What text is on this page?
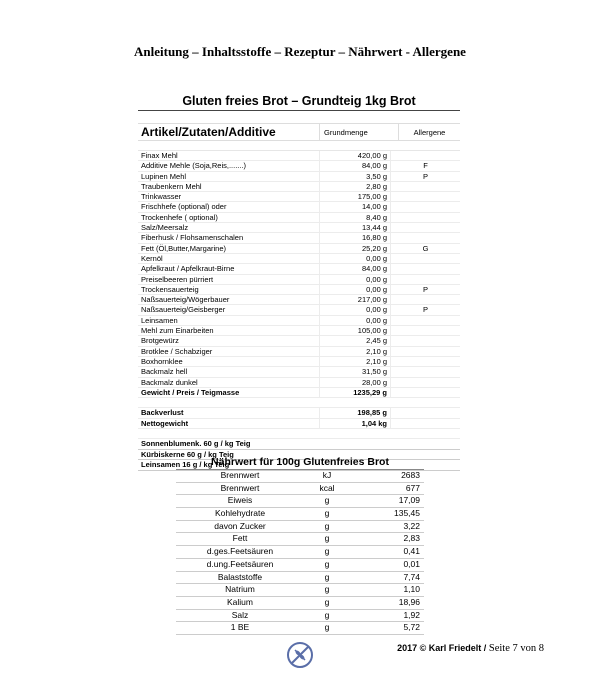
Anleitung – Inhaltsstoffe – Rezeptur – Nährwert - Allergene
Gluten freies Brot – Grundteig 1kg Brot
Artikel/Zutaten/Additive	Grundmenge	Allergene
Finax Mehl	420,00 g
Additive Mehle (Soja,Reis,.......)	84,00 g	F
Lupinen Mehl	3,50 g	P
Traubenkern Mehl	2,80 g
Trinkwasser	175,00 g
Frischhefe (optional) oder	14,00 g
Trockenhefe ( optional)	8,40 g
Salz/Meersalz	13,44 g
Fiberhusk / Flohsamenschalen	16,80 g
Fett (Öl,Butter,Margarine)	25,20 g	G
Kernöl	0,00 g
Apfelkraut / Apfelkraut-Birne	84,00 g
Preiselbeeren pürriert	0,00 g
Trockensauerteig	0,00 g	P
Naßsauerteig/Wögerbauer	217,00 g
Naßsauerteig/Geisberger	0,00 g	P
Leinsamen	0,00 g
Mehl zum Einarbeiten	105,00 g
Brotgewürz	2,45 g
Brotklee / Schabziger	2,10 g
Boxhornklee	2,10 g
Backmalz hell	31,50 g
Backmalz dunkel	28,00 g
Gewicht / Preis / Teigmasse	1235,29 g
Backverlust	198,85 g
Nettogewicht	1,04 kg
Sonnenblumenk. 60 g / kg Teig
Kürbiskerne 60 g / kg Teig
Leinsamen 16 g / kg Teig
Nährwert für 100g Glutenfreies Brot
Brennwert	kJ	2683
Brennwert	kcal	677
Eiweis	g	17,09
Kohlehydrate	g	135,45
davon Zucker	g	3,22
Fett	g	2,83
d.ges.Feetsäuren	g	0,41
d.ung.Feetsäuren	g	0,01
Balaststoffe	g	7,74
Natrium	g	1,10
Kalium	g	18,96
Salz	g	1,92
1 BE	g	5,72
2017 © Karl Friedelt / Seite 7 von 8
